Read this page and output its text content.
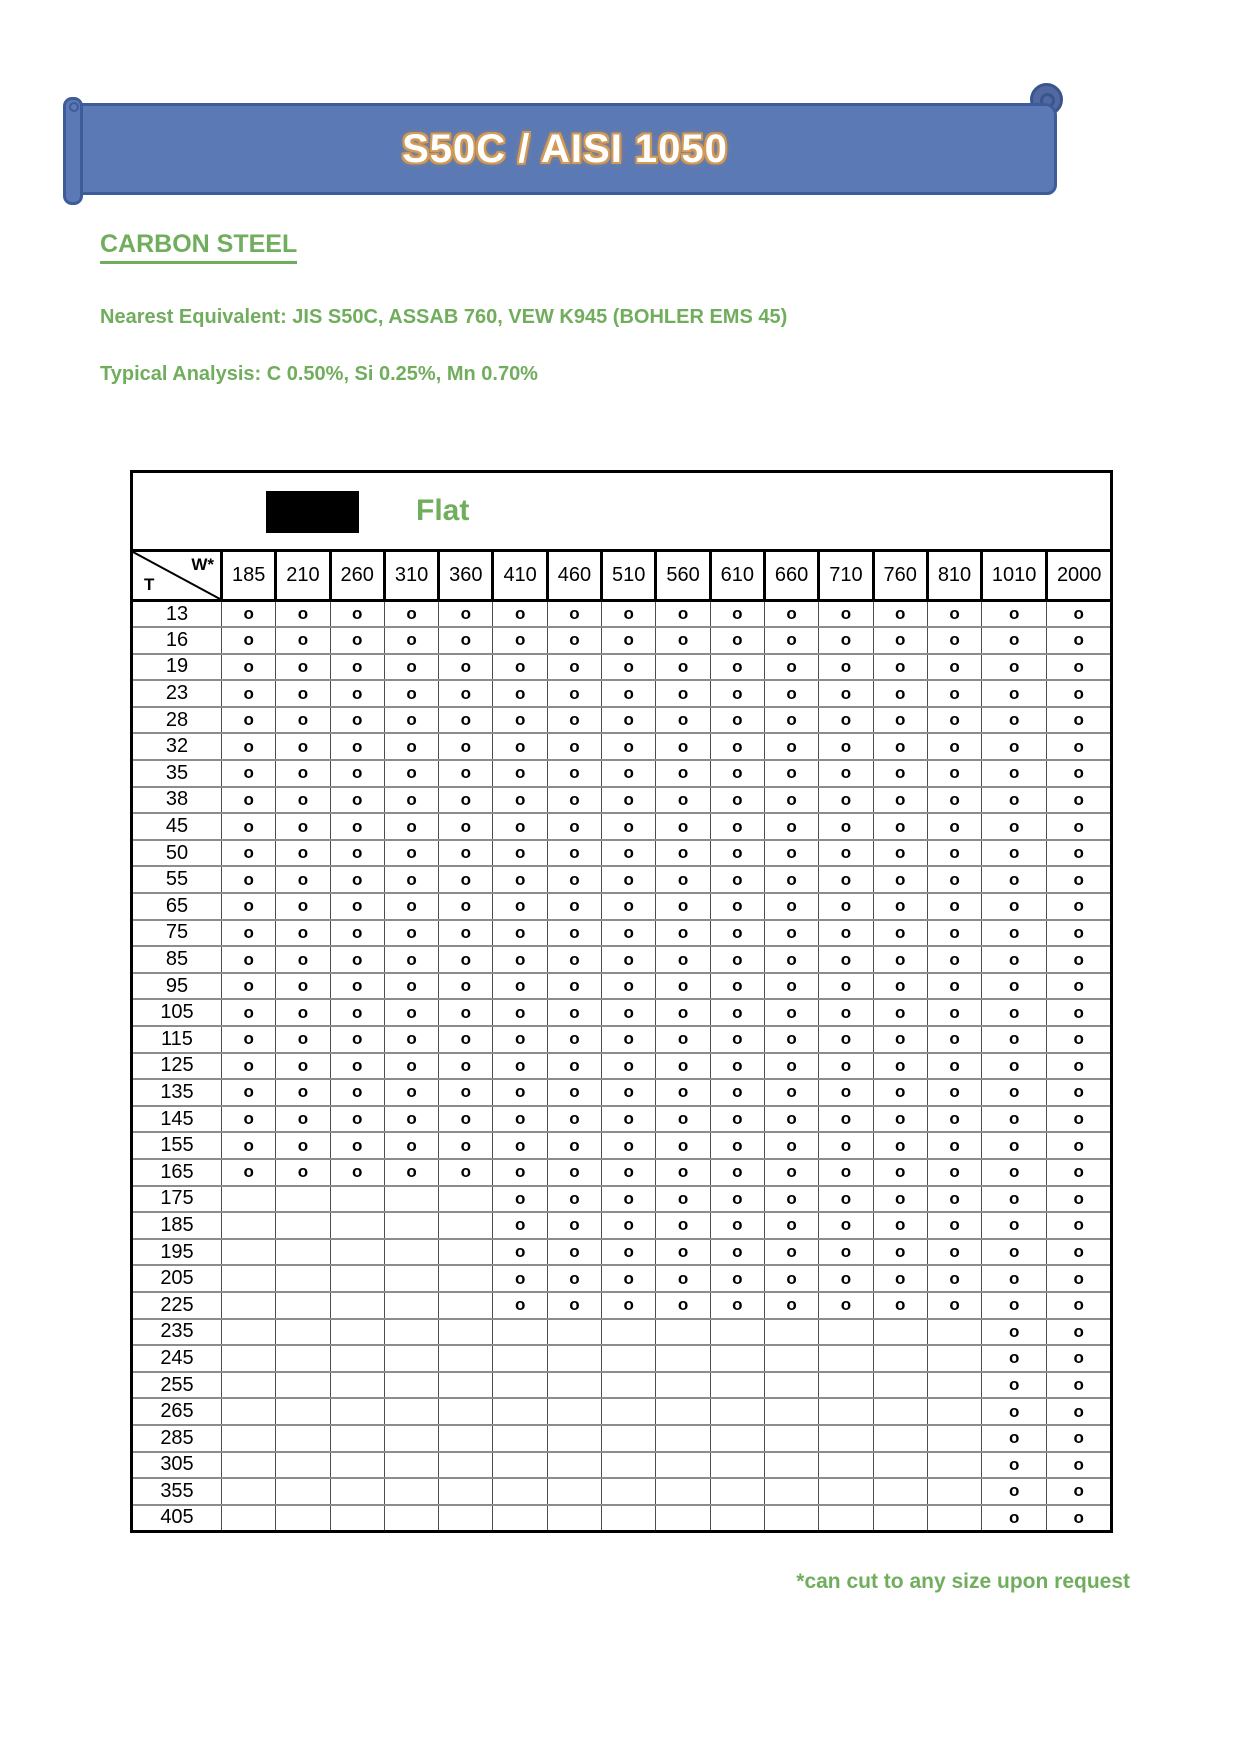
S50C / AISI 1050
CARBON STEEL
Nearest Equivalent: JIS S50C, ASSAB 760, VEW K945 (BOHLER EMS 45)
Typical Analysis: C 0.50%, Si 0.25%, Mn 0.70%
Flat																

W*
T	185	210	260	310	360	410	460	510	560	610	660	710	760	810	1010	2000
13	o	o	o	o	o	o	o	o	o	o	o	o	o	o	o	o
16	o	o	o	o	o	o	o	o	o	o	o	o	o	o	o	o
19	o	o	o	o	o	o	o	o	o	o	o	o	o	o	o	o
23	o	o	o	o	o	o	o	o	o	o	o	o	o	o	o	o
28	o	o	o	o	o	o	o	o	o	o	o	o	o	o	o	o
32	o	o	o	o	o	o	o	o	o	o	o	o	o	o	o	o
35	o	o	o	o	o	o	o	o	o	o	o	o	o	o	o	o
38	o	o	o	o	o	o	o	o	o	o	o	o	o	o	o	o
45	o	o	o	o	o	o	o	o	o	o	o	o	o	o	o	o
50	o	o	o	o	o	o	o	o	o	o	o	o	o	o	o	o
55	o	o	o	o	o	o	o	o	o	o	o	o	o	o	o	o
65	o	o	o	o	o	o	o	o	o	o	o	o	o	o	o	o
75	o	o	o	o	o	o	o	o	o	o	o	o	o	o	o	o
85	o	o	o	o	o	o	o	o	o	o	o	o	o	o	o	o
95	o	o	o	o	o	o	o	o	o	o	o	o	o	o	o	o
105	o	o	o	o	o	o	o	o	o	o	o	o	o	o	o	o
115	o	o	o	o	o	o	o	o	o	o	o	o	o	o	o	o
125	o	o	o	o	o	o	o	o	o	o	o	o	o	o	o	o
135	o	o	o	o	o	o	o	o	o	o	o	o	o	o	o	o
145	o	o	o	o	o	o	o	o	o	o	o	o	o	o	o	o
155	o	o	o	o	o	o	o	o	o	o	o	o	o	o	o	o
165	o	o	o	o	o	o	o	o	o	o	o	o	o	o	o	o
175						o	o	o	o	o	o	o	o	o	o	o
185						o	o	o	o	o	o	o	o	o	o	o
195						o	o	o	o	o	o	o	o	o	o	o
205						o	o	o	o	o	o	o	o	o	o	o
225						o	o	o	o	o	o	o	o	o	o	o
235															o	o
245															o	o
255															o	o
265															o	o
285															o	o
305															o	o
355															o	o
405															o	o
*can cut to any size upon request
